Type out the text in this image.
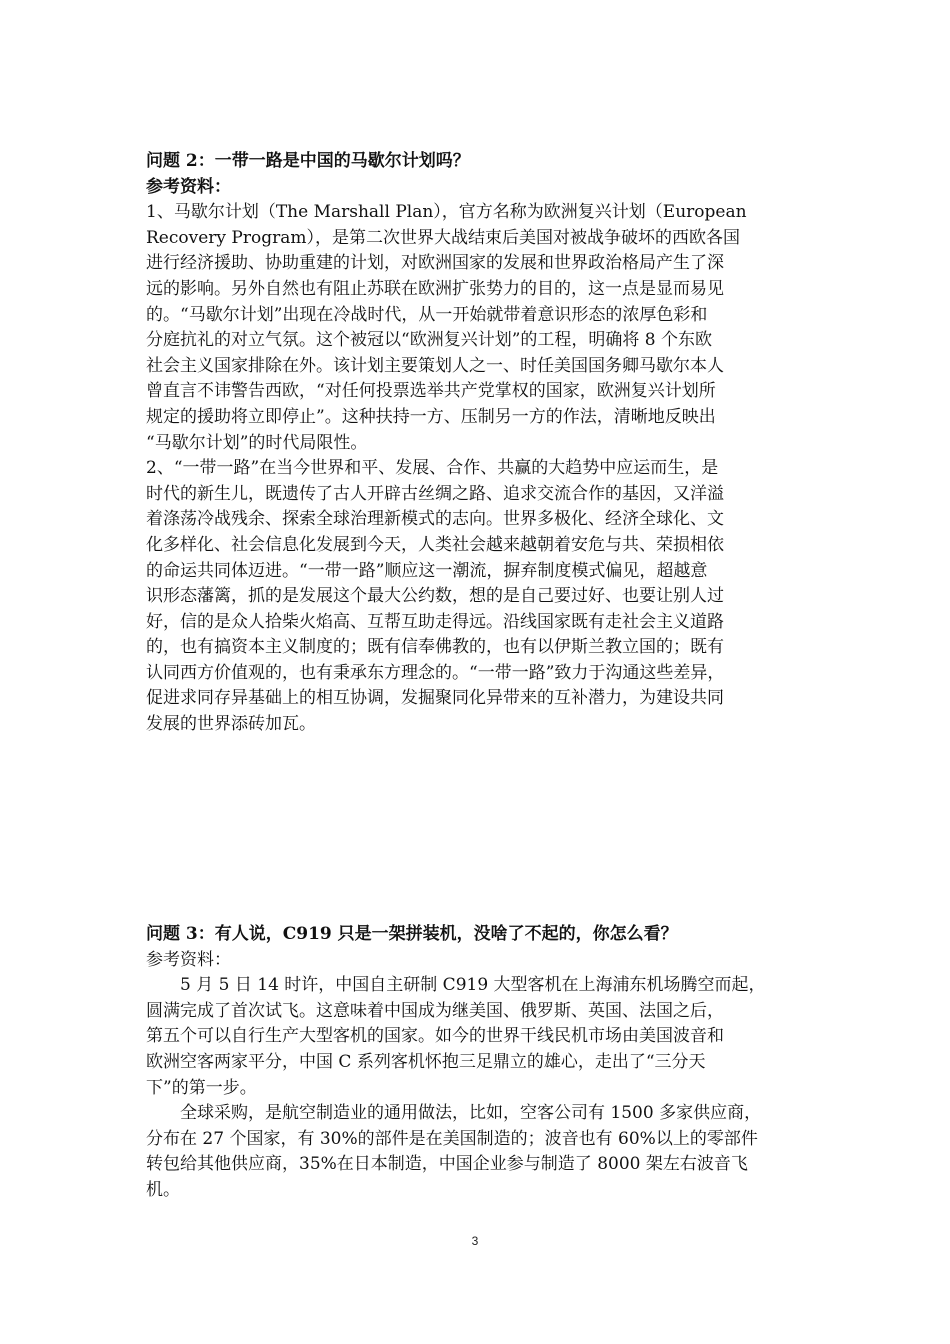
问题 2：一带一路是中国的马歇尔计划吗？
参考资料：
1、马歇尔计划（The Marshall Plan），官方名称为欧洲复兴计划（European
Recovery Program），是第二次世界大战结束后美国对被战争破坏的西欧各国
进行经济援助、协助重建的计划，对欧洲国家的发展和世界政治格局产生了深
远的影响。另外自然也有阻止苏联在欧洲扩张势力的目的，这一点是显而易见
的。“马歇尔计划”出现在冷战时代，从一开始就带着意识形态的浓厚色彩和
分庭抗礼的对立气氛。这个被冠以“欧洲复兴计划”的工程，明确将 8 个东欧
社会主义国家排除在外。该计划主要策划人之一、时任美国国务卿马歇尔本人
曾直言不讳警告西欧，“对任何投票选举共产党掌权的国家，欧洲复兴计划所
规定的援助将立即停止”。这种扶持一方、压制另一方的作法，清晰地反映出
“马歇尔计划”的时代局限性。
2、“一带一路”在当今世界和平、发展、合作、共赢的大趋势中应运而生，是
时代的新生儿，既遗传了古人开辟古丝绸之路、追求交流合作的基因，又洋溢
着涤荡冷战残余、探索全球治理新模式的志向。世界多极化、经济全球化、文
化多样化、社会信息化发展到今天，人类社会越来越朝着安危与共、荣损相依
的命运共同体迈进。“一带一路”顺应这一潮流，摒弃制度模式偏见，超越意
识形态藩篱，抓的是发展这个最大公约数，想的是自己要过好、也要让别人过
好，信的是众人拾柴火焰高、互帮互助走得远。沿线国家既有走社会主义道路
的，也有搞资本主义制度的；既有信奉佛教的，也有以伊斯兰教立国的；既有
认同西方价值观的，也有秉承东方理念的。“一带一路”致力于沟通这些差异，
促进求同存异基础上的相互协调，发掘聚同化异带来的互补潜力，为建设共同
发展的世界添砖加瓦。
问题 3：有人说，C919 只是一架拼装机，没啥了不起的，你怎么看？
参考资料：
5 月 5 日 14 时许，中国自主研制 C919 大型客机在上海浦东机场腾空而起，
圆满完成了首次试飞。这意味着中国成为继美国、俄罗斯、英国、法国之后，
第五个可以自行生产大型客机的国家。如今的世界干线民机市场由美国波音和
欧洲空客两家平分，中国 C 系列客机怀抱三足鼎立的雄心，走出了“三分天
下”的第一步。
全球采购，是航空制造业的通用做法，比如，空客公司有 1500 多家供应商，
分布在 27 个国家，有 30%的部件是在美国制造的；波音也有 60%以上的零部件
转包给其他供应商，35%在日本制造，中国企业参与制造了 8000 架左右波音飞
机。
3
